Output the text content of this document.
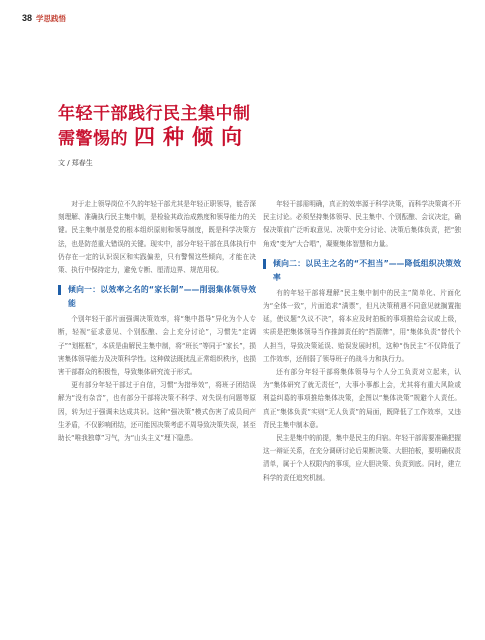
38 学思践悟
年轻干部践行民主集中制
需警惕的 四种倾向
文 / 郑春生

对于走上领导岗位不久的年轻干部尤其是年轻正职领导，能否深刻理解、准确执行民主集中制，是检验其政治成熟度和领导能力的关键。民主集中制是党的根本组织原则和领导制度，既是科学决策方法，也是防范重大错误的关键。现实中，部分年轻干部在具体执行中仍存在一定的认识误区和实践偏差，只有警惕这些倾向，才能在决策、执行中保持定力，避免专断、厘清边界、规范用权。

倾向一：以效率之名的“家长制”——削弱集体领导效能

个别年轻干部片面强调决策效率，将“集中指导”异化为个人专断，轻视“征求意见、个别酝酿、会上充分讨论”，习惯先“定调子”“划框框”，本质是曲解民主集中制，将“班长”等同于“家长”，损害集体领导能力及决策科学性。这种做法既扰乱正常组织秩序，也损害干部群众的积极性，导致集体研究流于形式。

更有部分年轻干部过于自信，习惯“为措举效”，将班子团结误解为“没有杂音”，也有部分干部将决策不科学、对失误有问题等原因，转为过于强调未达成共识。这种“强决策”模式伤害了成员间产生矛盾，不仅影响团结，还可能因决策考虑不周导致决策失误，甚至助长“唯我独尊”习气，为“山头主义”埋下隐患。

年轻干部需明确，真正的效率源于科学决策，而科学决策离不开民主讨论。必须坚持集体领导、民主集中、个别酝酿、会议决定，确保决策前广泛听取意见、决策中充分讨论、决策后集体负责，把“独角戏”变为“大合唱”，凝聚集体智慧和力量。

倾向二：以民主之名的“不担当”——降低组织决策效率

有的年轻干部将理解“民主集中制中的民主”简单化、片面化为“全体一致”，片面追求“满票”，但凡决策稍遇不同意见就搁置拖延，使议题“久议不决”，将本应及时拍板的事项推给会议或上级，实质是把集体领导当作推卸责任的“挡箭牌”，用“集体负责”替代个人担当，导致决策延误、贻误发展时机，这种“伪民主”不仅降低了工作效率，还削弱了领导班子的战斗力和执行力。

还有部分年轻干部将集体领导与个人分工负责对立起来，认为“集体研究了就无责任”，大事小事都上会，尤其将有重大风险或利益纠葛的事项推给集体决策，企图以“集体决策”规避个人责任。真正“集体负责”实则“无人负责”的局面，既降低了工作效率，又违背民主集中制本意。

民主是集中的前提，集中是民主的归宿。年轻干部需要准确把握这一辩证关系，在充分调研讨论后果断决策、大胆拍板，要明确权责清单，属于个人权限内的事项，应大胆决策、负责到底。同时，建立科学的责任追究机制。
